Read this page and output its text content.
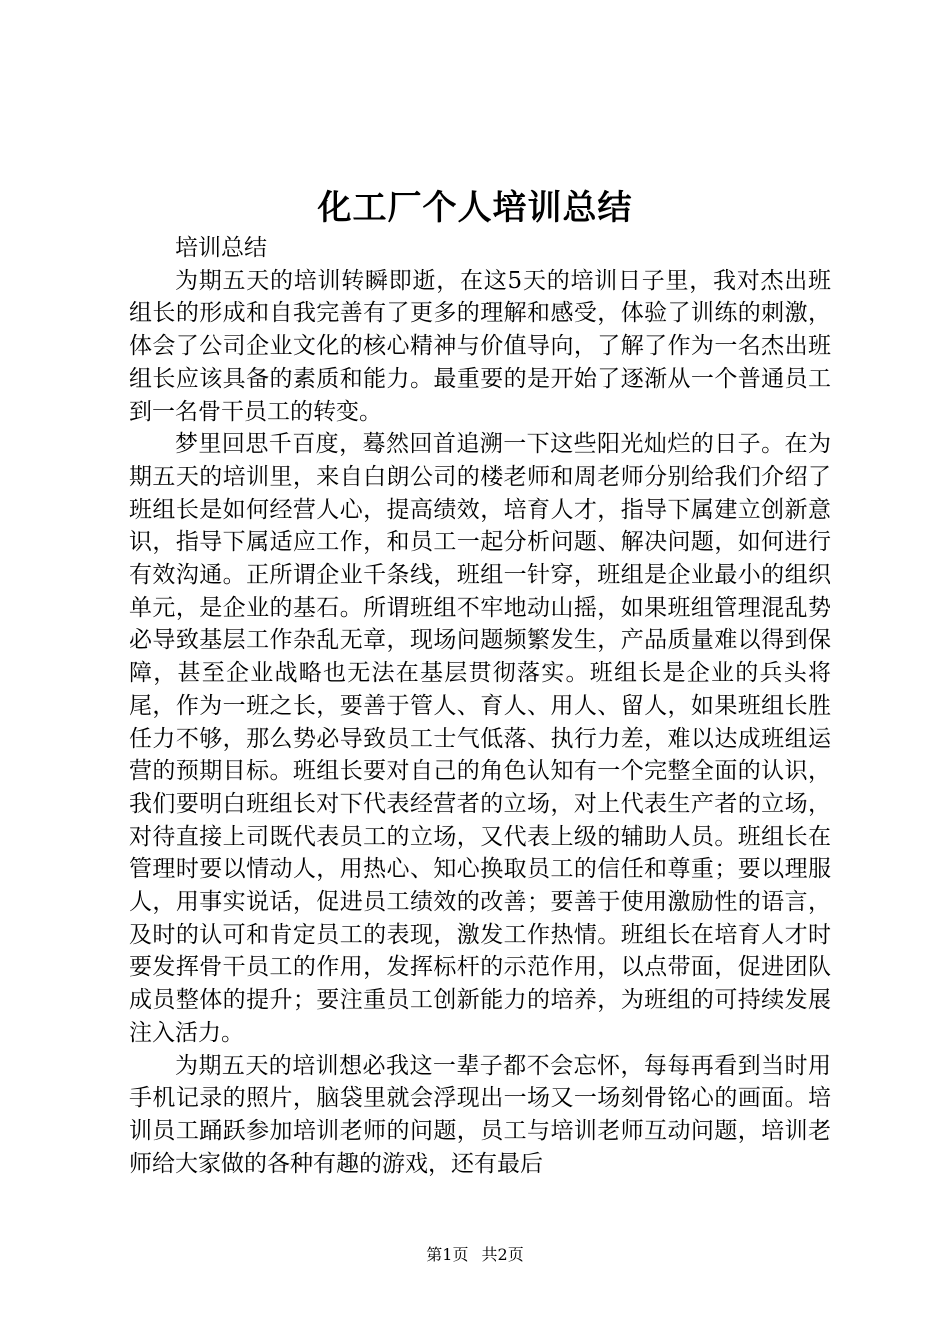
化工厂个人培训总结

培训总结

为期五天的培训转瞬即逝，在这5天的培训日子里，我对杰出班组长的形成和自我完善有了更多的理解和感受，体验了训练的刺激，体会了公司企业文化的核心精神与价值导向，了解了作为一名杰出班组长应该具备的素质和能力。最重要的是开始了逐渐从一个普通员工到一名骨干员工的转变。

梦里回思千百度，蓦然回首追溯一下这些阳光灿烂的日子。在为期五天的培训里，来自白朗公司的楼老师和周老师分别给我们介绍了班组长是如何经营人心，提高绩效，培育人才，指导下属建立创新意识，指导下属适应工作，和员工一起分析问题、解决问题，如何进行有效沟通。正所谓企业千条线，班组一针穿，班组是企业最小的组织单元，是企业的基石。所谓班组不牢地动山摇，如果班组管理混乱势必导致基层工作杂乱无章，现场问题频繁发生，产品质量难以得到保障，甚至企业战略也无法在基层贯彻落实。班组长是企业的兵头将尾，作为一班之长，要善于管人、育人、用人、留人，如果班组长胜任力不够，那么势必导致员工士气低落、执行力差，难以达成班组运营的预期目标。班组长要对自己的角色认知有一个完整全面的认识，我们要明白班组长对下代表经营者的立场，对上代表生产者的立场，对待直接上司既代表员工的立场，又代表上级的辅助人员。班组长在管理时要以情动人，用热心、知心换取员工的信任和尊重；要以理服人，用事实说话，促进员工绩效的改善；要善于使用激励性的语言，及时的认可和肯定员工的表现，激发工作热情。班组长在培育人才时要发挥骨干员工的作用，发挥标杆的示范作用，以点带面，促进团队成员整体的提升；要注重员工创新能力的培养，为班组的可持续发展注入活力。

为期五天的培训想必我这一辈子都不会忘怀，每每再看到当时用手机记录的照片，脑袋里就会浮现出一场又一场刻骨铭心的画面。培训员工踊跃参加培训老师的问题，员工与培训老师互动问题，培训老师给大家做的各种有趣的游戏，还有最后

第1页 共2页
